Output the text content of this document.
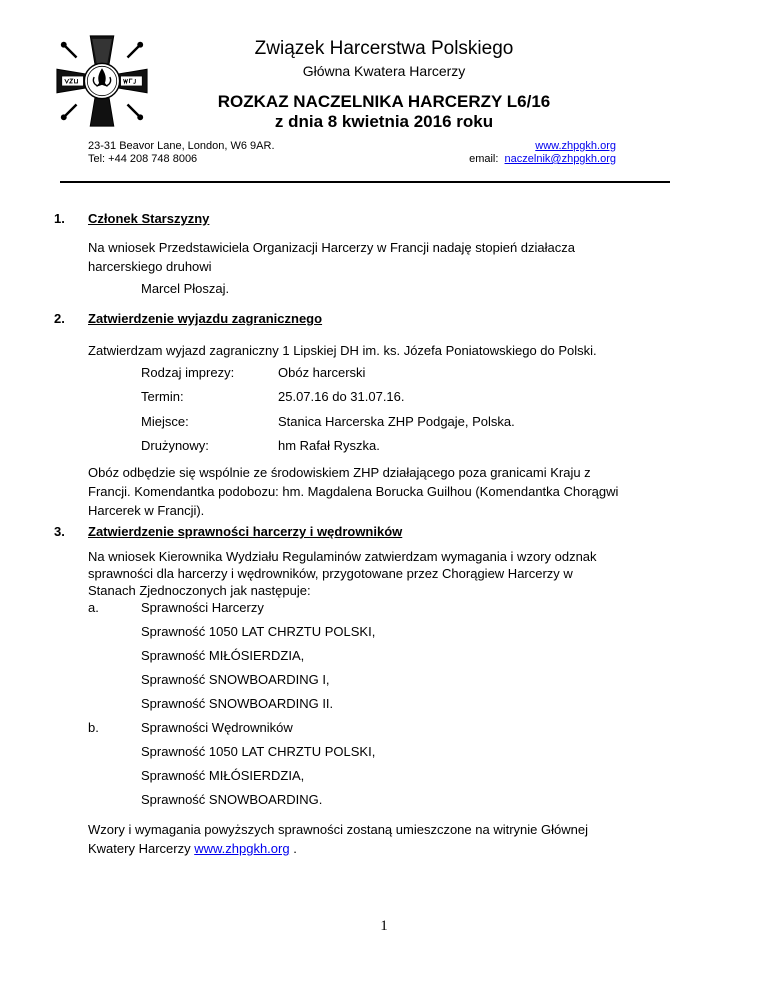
Związek Harcerstwa Polskiego
Główna Kwatera Harcerzy
ROZKAZ NACZELNIKA HARCERZY L6/16
z dnia 8 kwietnia 2016 roku
23-31 Beavor Lane, London, W6 9AR.
Tel: +44 208 748 8006
www.zhpgkh.org
email: naczelnik@zhpgkh.org
1. Członek Starszyzny
Na wniosek Przedstawiciela Organizacji Harcerzy w Francji nadaję stopień działacza
harcerskiego druhowi
Marcel Płoszaj.
2. Zatwierdzenie wyjazdu zagranicznego
Zatwierdzam wyjazd zagraniczny 1 Lipskiej DH im. ks. Józefa Poniatowskiego do Polski.
Rodzaj imprezy:	Obóz harcerski
Termin:	25.07.16 do 31.07.16.
Miejsce:	Stanica Harcerska ZHP Podgaje, Polska.
Drużynowy:	hm Rafał Ryszka.
Obóz odbędzie się wspólnie ze środowiskiem ZHP działającego poza granicami Kraju z
Francji. Komendantka podobozu: hm. Magdalena Borucka Guilhou (Komendantka Chorągwi
Harcerek w Francji).
3. Zatwierdzenie sprawności harcerzy i wędrowników
Na wniosek Kierownika Wydziału Regulaminów zatwierdzam wymagania i wzory odznak
sprawności dla harcerzy i wędrowników, przygotowane przez Chorągiew Harcerzy w
Stanach Zjednoczonych jak następuje:
a.	Sprawności Harcerzy
Sprawność 1050 LAT CHRZTU POLSKI,
Sprawność MIŁÓSIERDZIA,
Sprawność SNOWBOARDING I,
Sprawność SNOWBOARDING II.
b.	Sprawności Wędrowników
Sprawność 1050 LAT CHRZTU POLSKI,
Sprawność MIŁÓSIERDZIA,
Sprawność SNOWBOARDING.
Wzory i wymagania powyższych sprawności zostaną umieszczone na witrynie Głównej
Kwatery Harcerzy www.zhpgkh.org .
1
